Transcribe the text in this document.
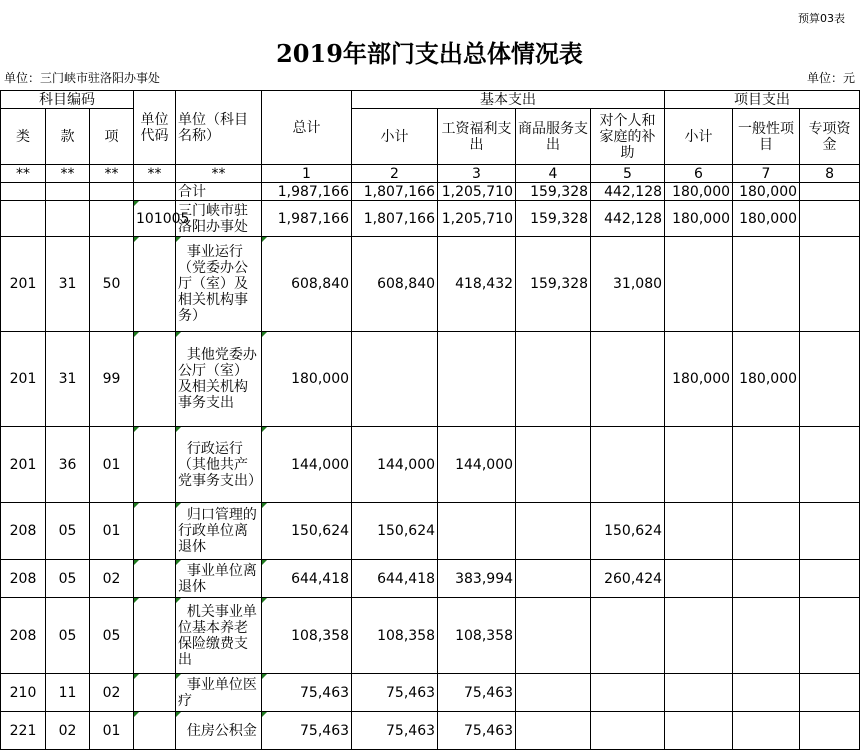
预算03表
2019年部门支出总体情况表
单位：三门峡市驻洛阳办事处	单位：元
科目编码			单位代码	单位（科目名称）	总计	基本支出				项目支出		
类	款	项				小计	工资福利支出	商品服务支出	对个人和家庭的补助	小计	一般性项目	专项资金
**	**	**	**	**	1	2	3	4	5	6	7	8
				合计	1,987,166	1,807,166	1,205,710	159,328	442,128	180,000	180,000	
			101005	三门峡市驻洛阳办事处	1,987,166	1,807,166	1,205,710	159,328	442,128	180,000	180,000	
201	31	50		事业运行（党委办公厅（室）及相关机构事务）	608,840	608,840	418,432	159,328	31,080			
201	31	99		其他党委办公厅（室）及相关机构事务支出	180,000					180,000	180,000	
201	36	01		行政运行（其他共产党事务支出）	144,000	144,000	144,000					
208	05	01		归口管理的行政单位离退休	150,624	150,624			150,624			
208	05	02		事业单位离退休	644,418	644,418	383,994		260,424			
208	05	05		机关事业单位基本养老保险缴费支出	108,358	108,358	108,358					
210	11	02		事业单位医疗	75,463	75,463	75,463					
221	02	01		住房公积金	75,463	75,463	75,463					
